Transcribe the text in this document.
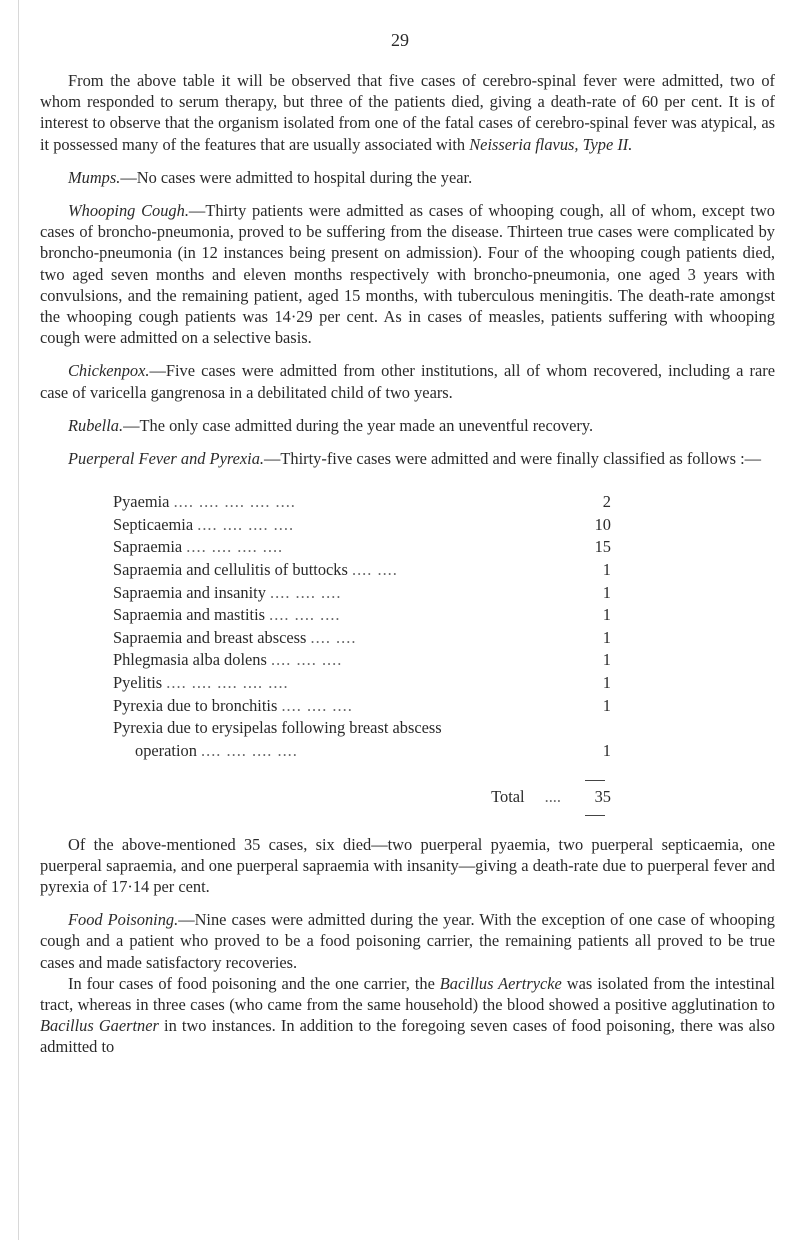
29

From the above table it will be observed that five cases of cerebro-spinal fever were admitted, two of whom responded to serum therapy, but three of the patients died, giving a death-rate of 60 per cent. It is of interest to observe that the organism isolated from one of the fatal cases of cerebro-spinal fever was atypical, as it possessed many of the features that are usually associated with Neisseria flavus, Type II.

Mumps.—No cases were admitted to hospital during the year.

Whooping Cough.—Thirty patients were admitted as cases of whooping cough, all of whom, except two cases of broncho-pneumonia, proved to be suffering from the disease. Thirteen true cases were complicated by broncho-pneumonia (in 12 instances being present on admission). Four of the whooping cough patients died, two aged seven months and eleven months respectively with broncho-pneumonia, one aged 3 years with convulsions, and the remaining patient, aged 15 months, with tuberculous meningitis. The death-rate amongst the whooping cough patients was 14·29 per cent. As in cases of measles, patients suffering with whooping cough were admitted on a selective basis.

Chickenpox.—Five cases were admitted from other institutions, all of whom recovered, including a rare case of varicella gangrenosa in a debilitated child of two years.

Rubella.—The only case admitted during the year made an uneventful recovery.

Puerperal Fever and Pyrexia.—Thirty-five cases were admitted and were finally classified as follows :—

Pyaemia .... .... .... .... ....	2
Septicaemia .... .... .... ....	10
Sapraemia .... .... .... ....	15
Sapraemia and cellulitis of buttocks .... ....	1
Sapraemia and insanity .... .... ....	1
Sapraemia and mastitis .... .... ....	1
Sapraemia and breast abscess .... ....	1
Phlegmasia alba dolens .... .... ....	1
Pyelitis .... .... .... .... ....	1
Pyrexia due to bronchitis .... .... ....	1
Pyrexia due to erysipelas following breast abscess
operation .... .... .... ....	1
Total ....	35

Of the above-mentioned 35 cases, six died—two puerperal pyaemia, two puerperal septicaemia, one puerperal sapraemia, and one puerperal sapraemia with insanity—giving a death-rate due to puerperal fever and pyrexia of 17·14 per cent.

Food Poisoning.—Nine cases were admitted during the year. With the exception of one case of whooping cough and a patient who proved to be a food poisoning carrier, the remaining patients all proved to be true cases and made satisfactory recoveries.

In four cases of food poisoning and the one carrier, the Bacillus Aertrycke was isolated from the intestinal tract, whereas in three cases (who came from the same household) the blood showed a positive agglutination to Bacillus Gaertner in two instances. In addition to the foregoing seven cases of food poisoning, there was also admitted to
